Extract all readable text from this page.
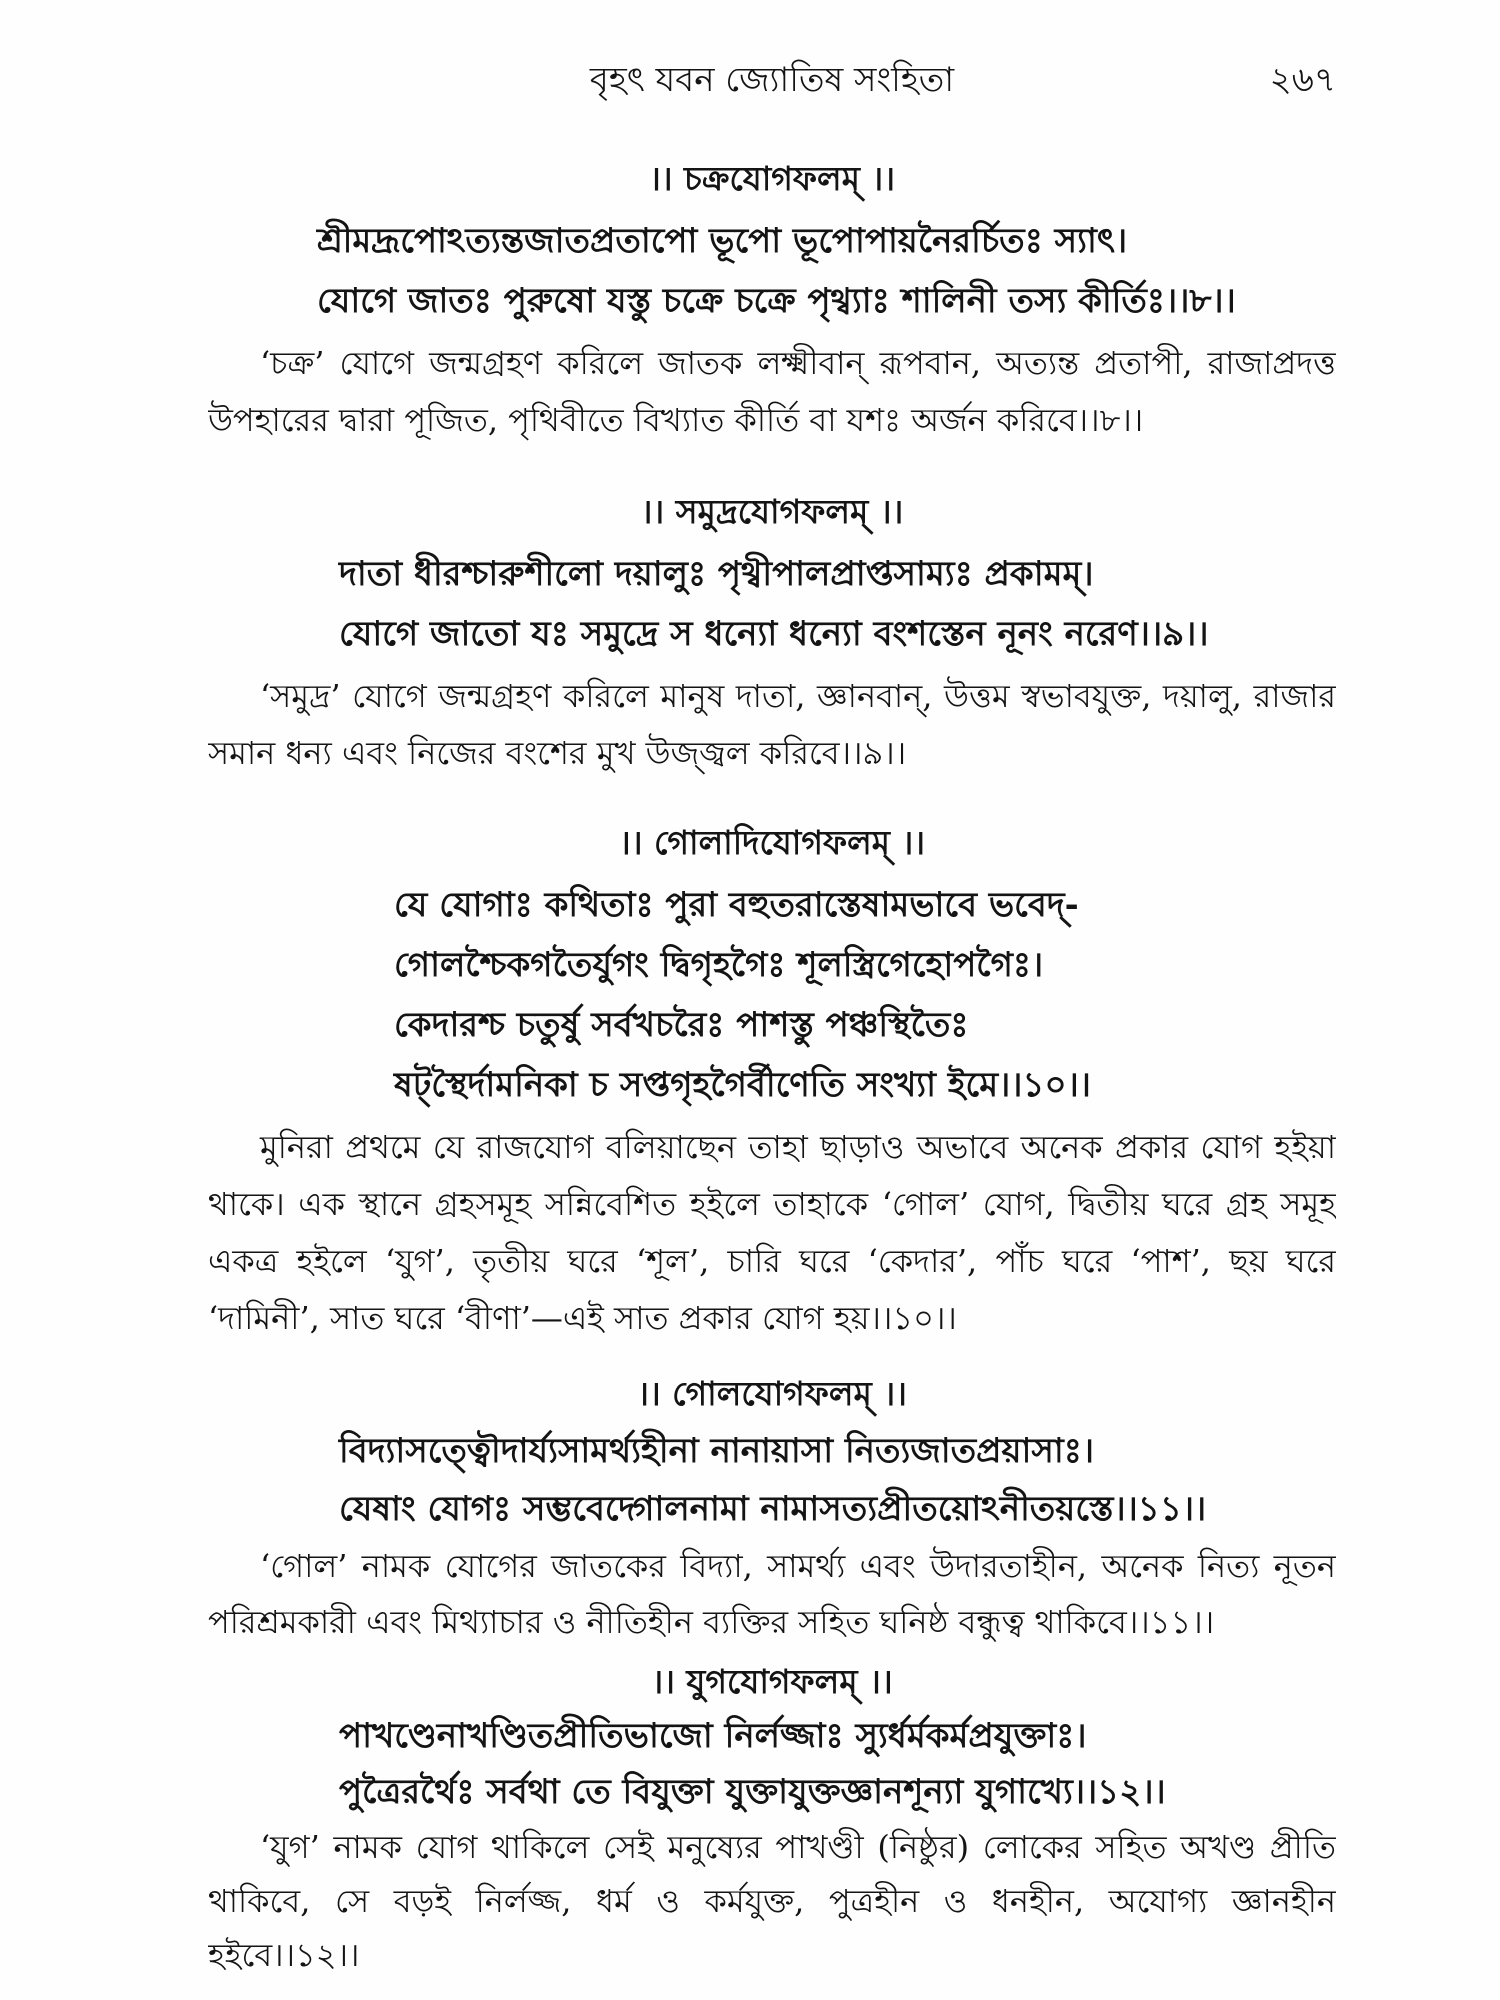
বৃহৎ যবন জ্যোতিষ সংহিতা	২৬৭
।। চক্রযোগফলম্ ।।
শ্রীমদ্রূপোঽত্যন্তজাতপ্রতাপো ভূপো ভূপোপায়নৈরর্চিতঃ স্যাৎ।
যোগে জাতঃ পুরুষো যস্তু চক্রে চক্রে পৃথ্ব্যাঃ শালিনী তস্য কীর্তিঃ।।৮।।
‘চক্র’ যোগে জন্মগ্রহণ করিলে জাতক লক্ষ্মীবান্ রূপবান, অত্যন্ত প্রতাপী, রাজাপ্রদত্ত
উপহারের দ্বারা পূজিত, পৃথিবীতে বিখ্যাত কীর্তি বা যশঃ অর্জন করিবে।।৮।।
।। সমুদ্রযোগফলম্ ।।
দাতা ধীরশ্চারুশীলো দয়ালুঃ পৃথ্বীপালপ্রাপ্তসাম্যঃ প্রকামম্।
যোগে জাতো যঃ সমুদ্রে স ধন্যো ধন্যো বংশস্তেন নূনং নরেণ।।৯।।
‘সমুদ্র’ যোগে জন্মগ্রহণ করিলে মানুষ দাতা, জ্ঞানবান্, উত্তম স্বভাবযুক্ত, দয়ালু, রাজার
সমান ধন্য এবং নিজের বংশের মুখ উজ্জ্বল করিবে।।৯।।
।। গোলাদিযোগফলম্ ।।
যে যোগাঃ কথিতাঃ পুরা বহুতরাস্তেষামভাবে ভবেদ্-
গোলশ্চৈকগতৈর্যুগং দ্বিগৃহগৈঃ শূলস্ত্রিগেহোপগৈঃ।
কেদারশ্চ চতুর্ষু সর্বখচরৈঃ পাশস্তু পঞ্চস্থিতৈঃ
ষট্‌স্থৈর্দামনিকা চ সপ্তগৃহগৈর্বীণেতি সংখ্যা ইমে।।১০।।
মুনিরা প্রথমে যে রাজযোগ বলিয়াছেন তাহা ছাড়াও অভাবে অনেক প্রকার যোগ হইয়া
থাকে। এক স্থানে গ্রহসমূহ সন্নিবেশিত হইলে তাহাকে ‘গোল’ যোগ, দ্বিতীয় ঘরে গ্রহ সমূহ
একত্র হইলে ‘যুগ’, তৃতীয় ঘরে ‘শূল’, চারি ঘরে ‘কেদার’, পাঁচ ঘরে ‘পাশ’, ছয় ঘরে
‘দামিনী’, সাত ঘরে ‘বীণা’—এই সাত প্রকার যোগ হয়।।১০।।
।। গোলযোগফলম্ ।।
বিদ্যাসত্ত্বৌদার্য্যসামর্থ্যহীনা নানায়াসা নিত্যজাতপ্রয়াসাঃ।
যেষাং যোগঃ সম্ভবেদ্গোলনামা নামাসত্যপ্রীতয়োঽনীতয়স্তে।।১১।।
‘গোল’ নামক যোগের জাতকের বিদ্যা, সামর্থ্য এবং উদারতাহীন, অনেক নিত্য নূতন
পরিশ্রমকারী এবং মিথ্যাচার ও নীতিহীন ব্যক্তির সহিত ঘনিষ্ঠ বন্ধুত্ব থাকিবে।।১১।।
।। যুগযোগফলম্ ।।
পাখণ্ডেনাখণ্ডিতপ্রীতিভাজো নির্লজ্জাঃ স্যুর্ধর্মকর্মপ্রযুক্তাঃ।
পুত্রৈরর্থৈঃ সর্বথা তে বিযুক্তা যুক্তাযুক্তজ্ঞানশূন্যা যুগাখ্যে।।১২।।
‘যুগ’ নামক যোগ থাকিলে সেই মনুষ্যের পাখণ্ডী (নিষ্ঠুর) লোকের সহিত অখণ্ড প্রীতি
থাকিবে, সে বড়ই নির্লজ্জ, ধর্ম ও কর্মযুক্ত, পুত্রহীন ও ধনহীন, অযোগ্য জ্ঞানহীন
হইবে।।১২।।
